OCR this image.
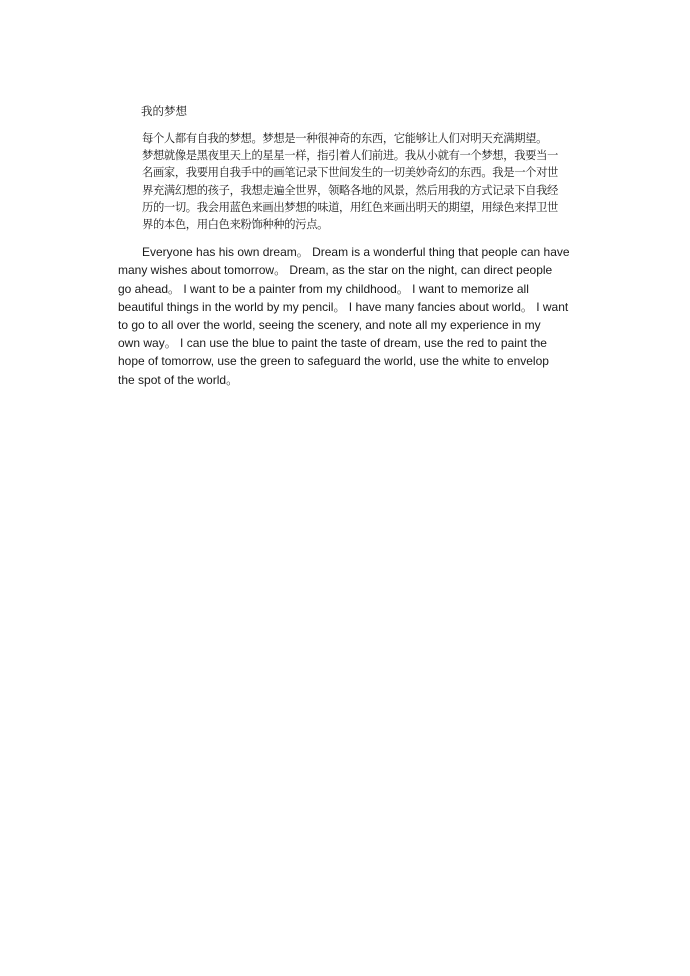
我的梦想
每个人都有自我的梦想。梦想是一种很神奇的东西，它能够让人们对明天充满期望。
梦想就像是黑夜里天上的星星一样，指引着人们前进。我从小就有一个梦想，我要当一
名画家，我要用自我手中的画笔记录下世间发生的一切美妙奇幻的东西。我是一个对世
界充满幻想的孩子，我想走遍全世界，领略各地的风景，然后用我的方式记录下自我经
历的一切。我会用蓝色来画出梦想的味道，用红色来画出明天的期望，用绿色来捍卫世
界的本色，用白色来粉饰种种的污点。
Everyone has his own dream。 Dream is a wonderful thing that people can have
many wishes about tomorrow。 Dream, as the star on the night, can direct people
go ahead。 I want to be a painter from my childhood。 I want to memorize all
beautiful things in the world by my pencil。 I have many fancies about world。 I want
to go to all over the world, seeing the scenery, and note all my experience in my
own way。 I can use the blue to paint the taste of dream, use the red to paint the
hope of tomorrow, use the green to safeguard the world, use the white to envelop
the spot of the world。
